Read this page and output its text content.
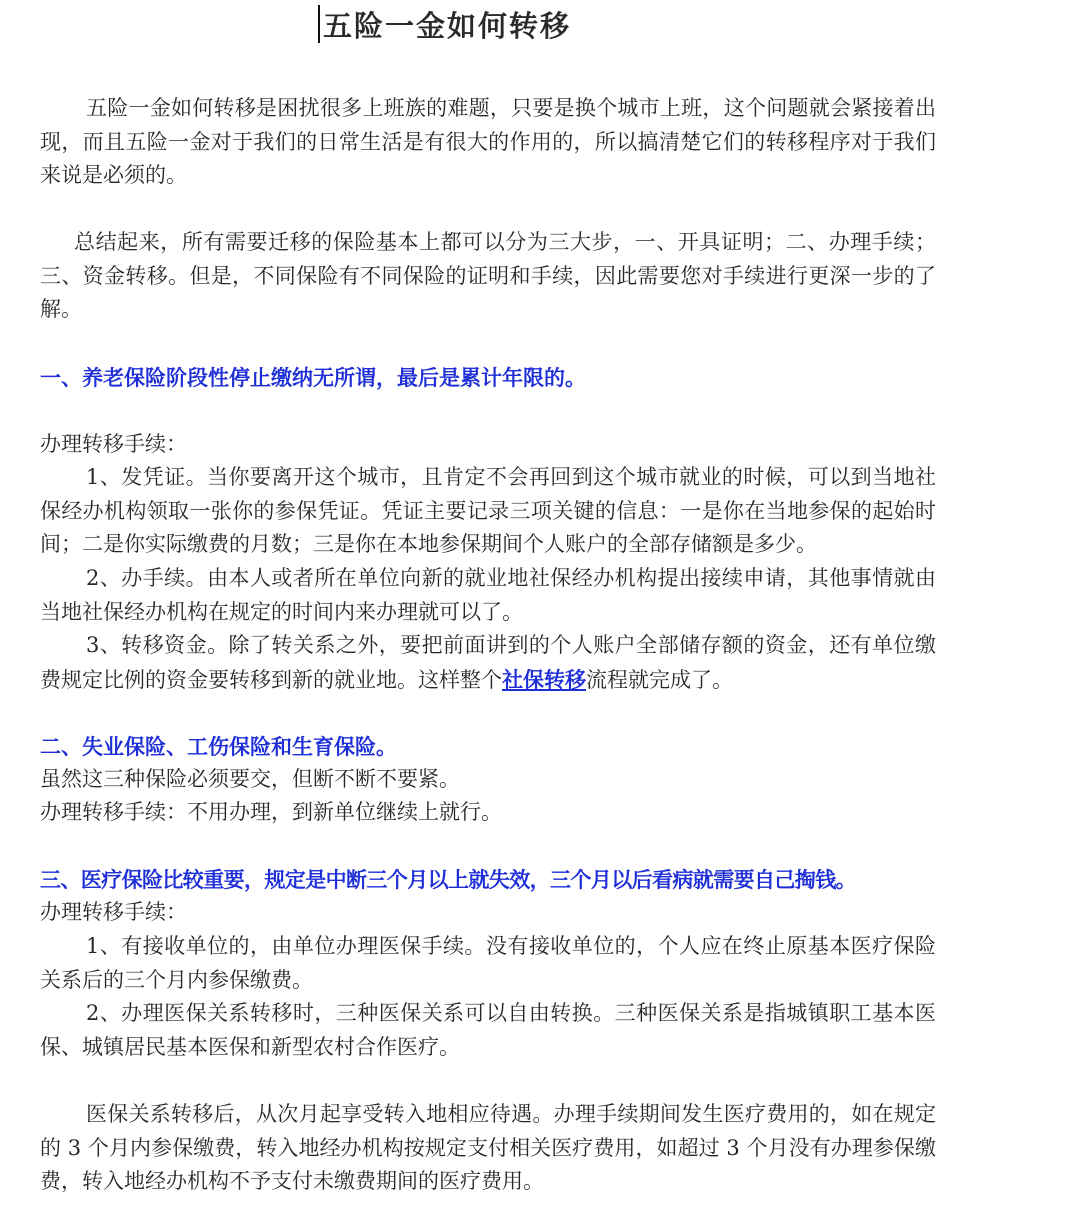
五险一金如何转移

五险一金如何转移是困扰很多上班族的难题，只要是换个城市上班，这个问题就会紧接着出现，而且五险一金对于我们的日常生活是有很大的作用的，所以搞清楚它们的转移程序对于我们来说是必须的。

总结起来，所有需要迁移的保险基本上都可以分为三大步，一、开具证明；二、办理手续；三、资金转移。但是，不同保险有不同保险的证明和手续，因此需要您对手续进行更深一步的了解。

一、养老保险阶段性停止缴纳无所谓，最后是累计年限的。

办理转移手续：

1、发凭证。当你要离开这个城市，且肯定不会再回到这个城市就业的时候，可以到当地社保经办机构领取一张你的参保凭证。凭证主要记录三项关键的信息：一是你在当地参保的起始时间；二是你实际缴费的月数；三是你在本地参保期间个人账户的全部存储额是多少。

2、办手续。由本人或者所在单位向新的就业地社保经办机构提出接续申请，其他事情就由当地社保经办机构在规定的时间内来办理就可以了。

3、转移资金。除了转关系之外，要把前面讲到的个人账户全部储存额的资金，还有单位缴费规定比例的资金要转移到新的就业地。这样整个社保转移流程就完成了。

二、失业保险、工伤保险和生育保险。

虽然这三种保险必须要交，但断不断不要紧。

办理转移手续：不用办理，到新单位继续上就行。

三、医疗保险比较重要，规定是中断三个月以上就失效，三个月以后看病就需要自己掏钱。

办理转移手续：

1、有接收单位的，由单位办理医保手续。没有接收单位的，个人应在终止原基本医疗保险关系后的三个月内参保缴费。

2、办理医保关系转移时，三种医保关系可以自由转换。三种医保关系是指城镇职工基本医保、城镇居民基本医保和新型农村合作医疗。

医保关系转移后，从次月起享受转入地相应待遇。办理手续期间发生医疗费用的，如在规定的 3 个月内参保缴费，转入地经办机构按规定支付相关医疗费用，如超过 3 个月没有办理参保缴费，转入地经办机构不予支付未缴费期间的医疗费用。
